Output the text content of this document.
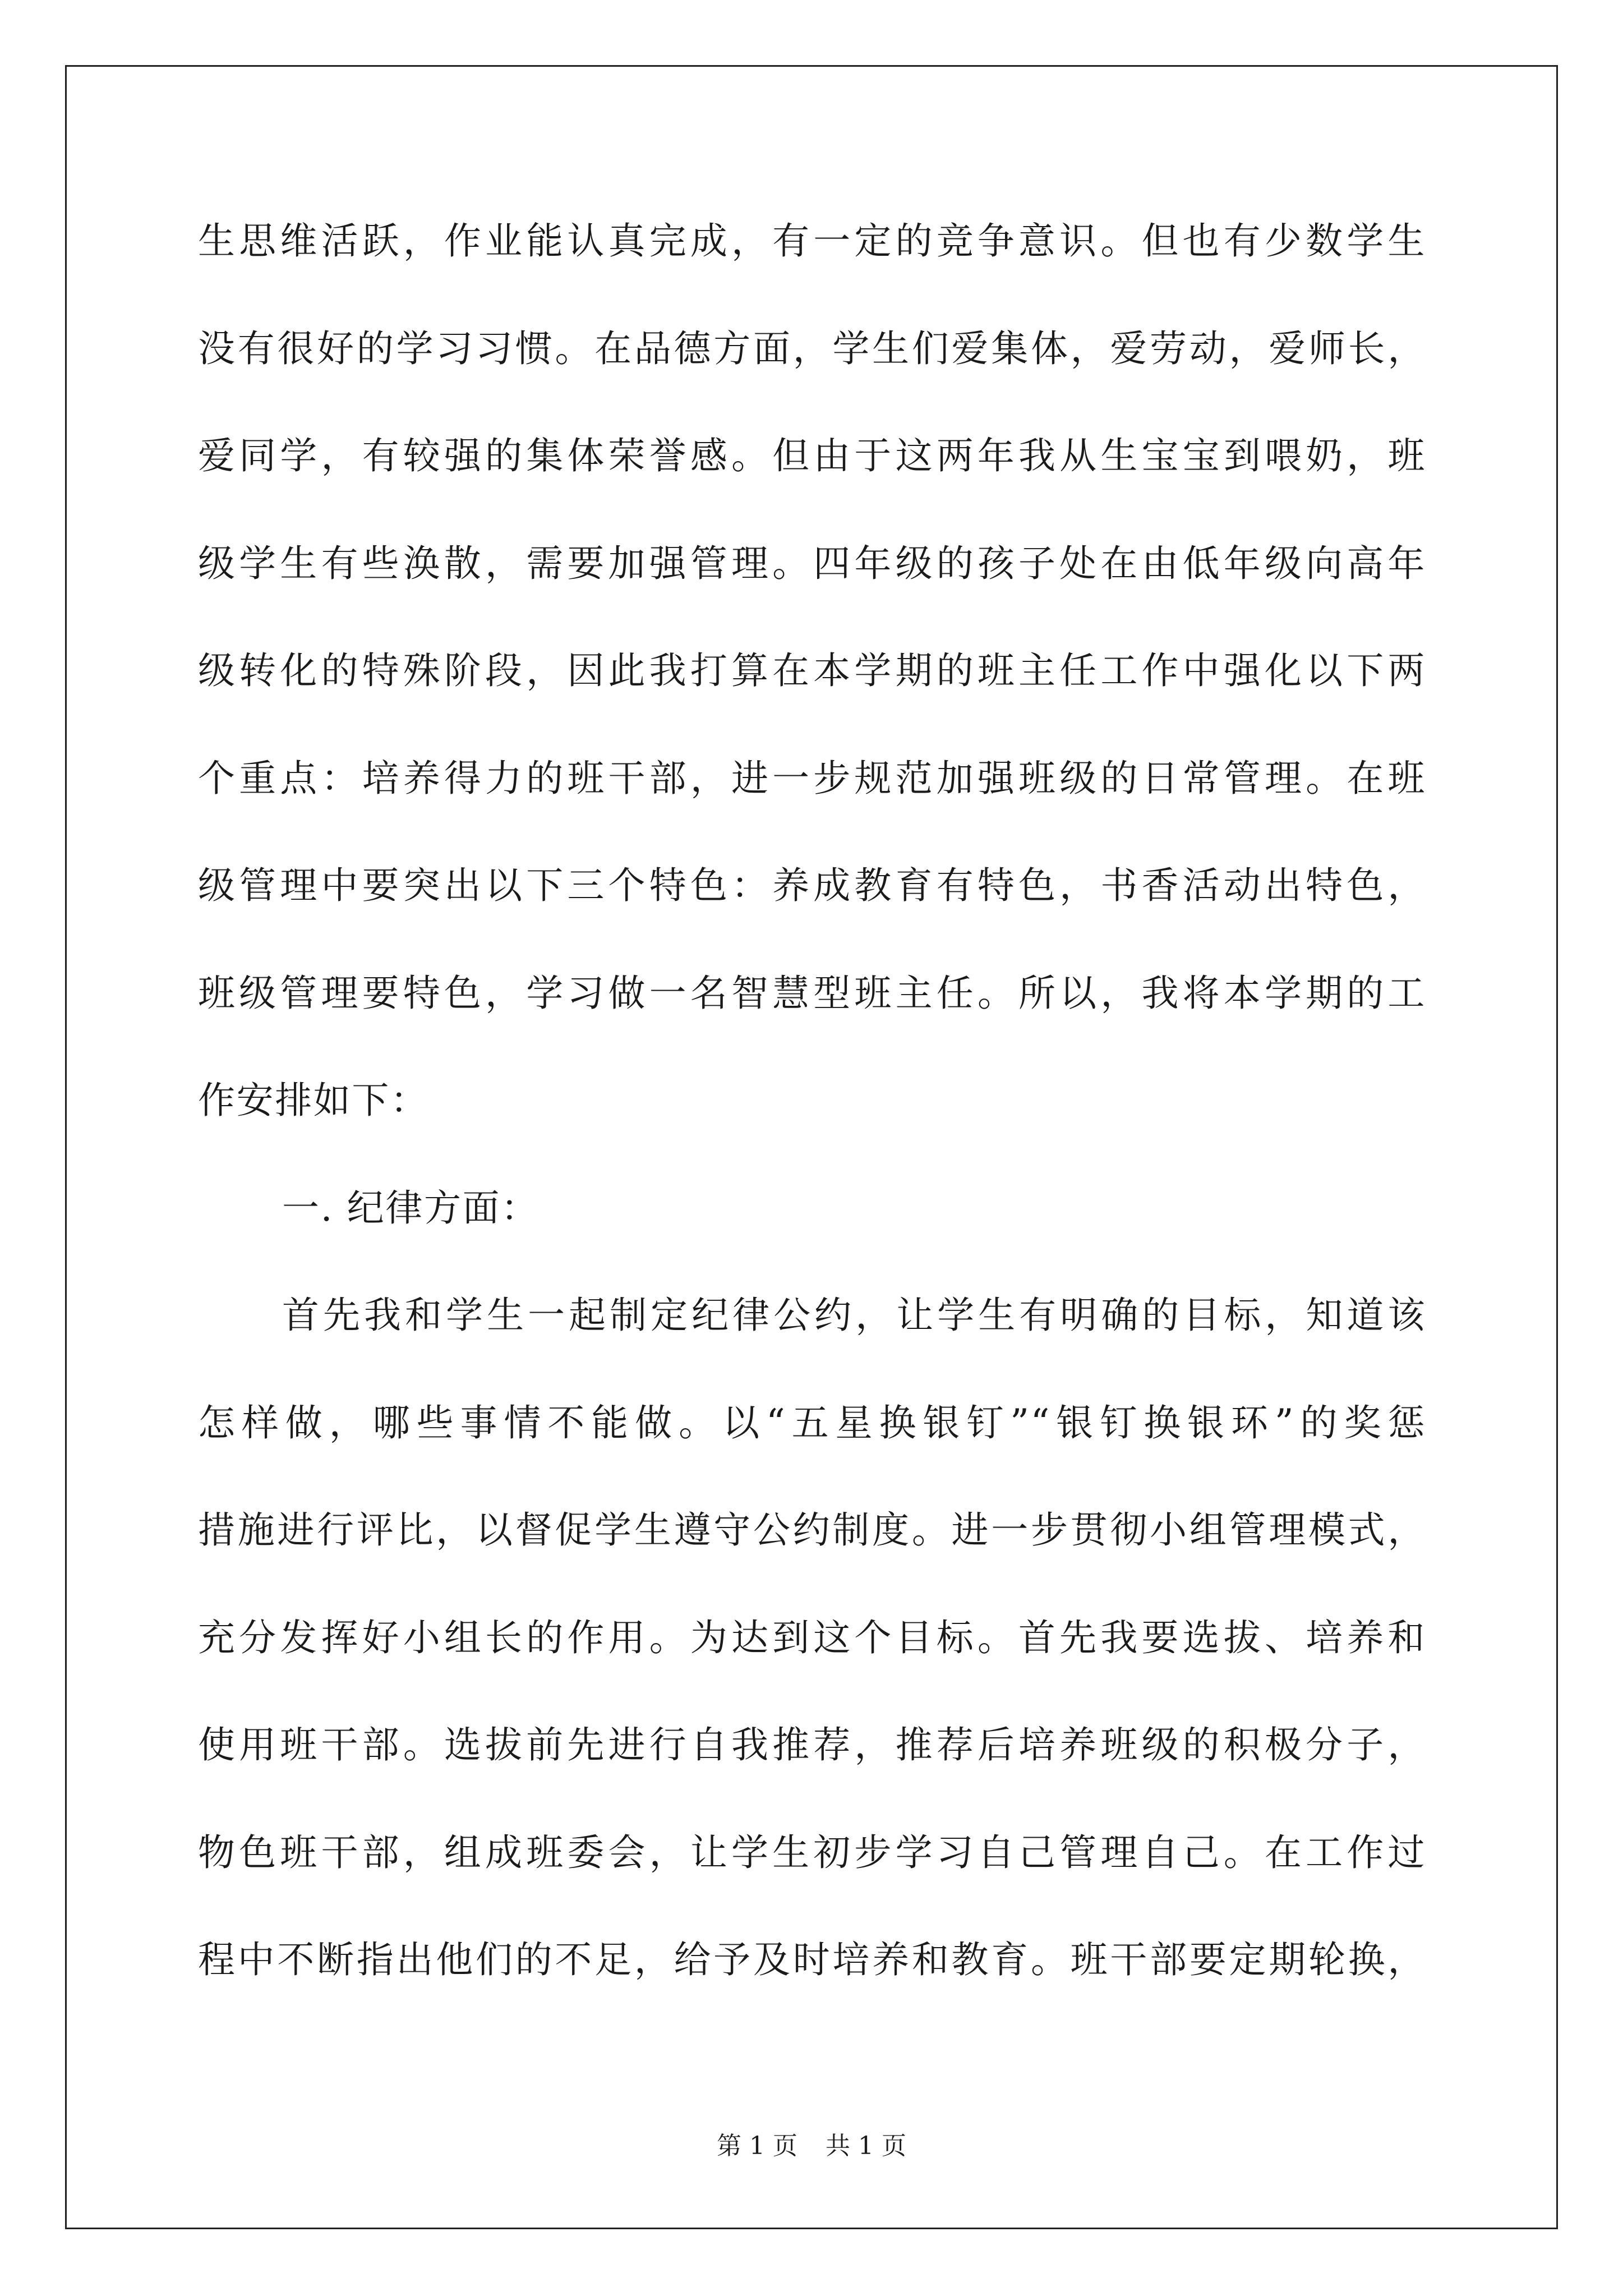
生思维活跃，作业能认真完成，有一定的竞争意识。但也有少数学生
没有很好的学习习惯。在品德方面，学生们爱集体，爱劳动，爱师长，
爱同学，有较强的集体荣誉感。但由于这两年我从生宝宝到喂奶，班
级学生有些涣散，需要加强管理。四年级的孩子处在由低年级向高年
级转化的特殊阶段，因此我打算在本学期的班主任工作中强化以下两
个重点：培养得力的班干部，进一步规范加强班级的日常管理。在班
级管理中要突出以下三个特色：养成教育有特色，书香活动出特色，
班级管理要特色，学习做一名智慧型班主任。所以，我将本学期的工
作安排如下：
一. 纪律方面：
首先我和学生一起制定纪律公约，让学生有明确的目标，知道该
怎样做，哪些事情不能做。以“五星换银钉”“银钉换银环”的奖惩
措施进行评比，以督促学生遵守公约制度。进一步贯彻小组管理模式，
充分发挥好小组长的作用。为达到这个目标。首先我要选拔、培养和
使用班干部。选拔前先进行自我推荐，推荐后培养班级的积极分子，
物色班干部，组成班委会，让学生初步学习自己管理自己。在工作过
程中不断指出他们的不足，给予及时培养和教育。班干部要定期轮换，
第 1 页 共 1 页
